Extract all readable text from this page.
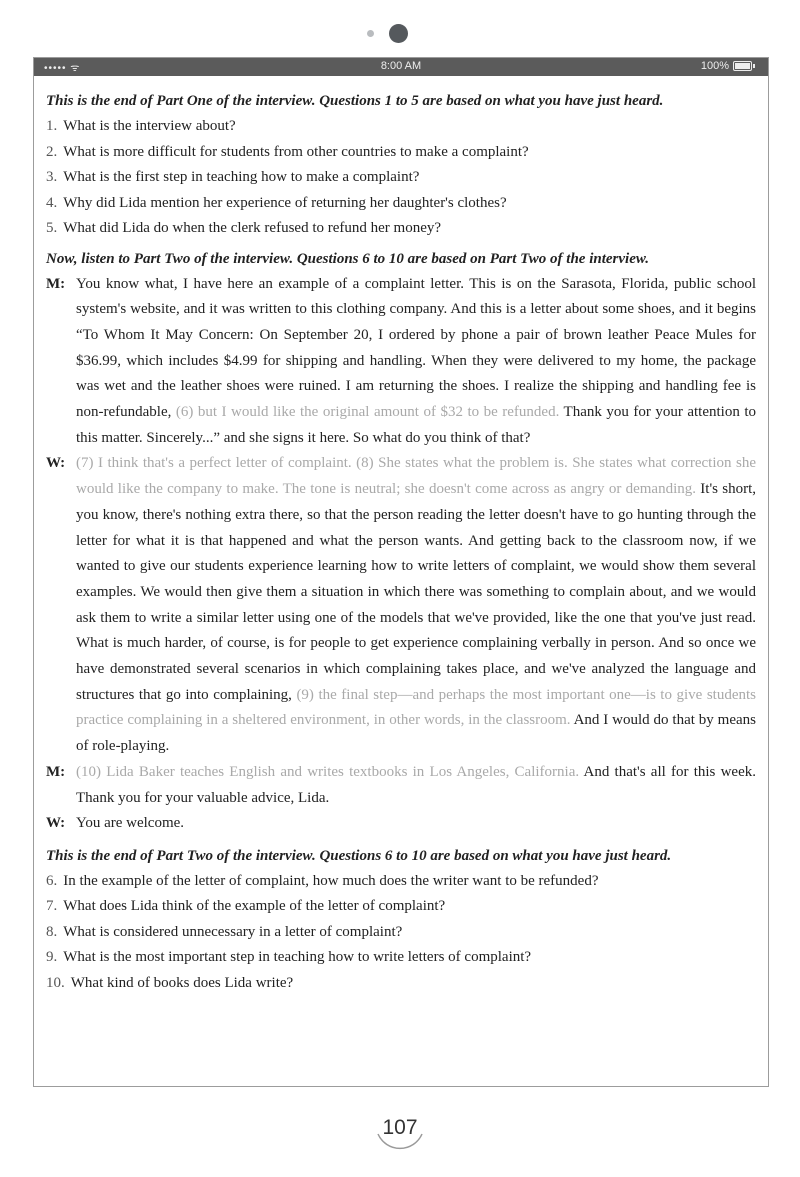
••••• ᯤ	8:00 AM	100%

This is the end of Part One of the interview. Questions 1 to 5 are based on what you have just heard.

1. What is the interview about?

2. What is more difficult for students from other countries to make a complaint?

3. What is the first step in teaching how to make a complaint?

4. Why did Lida mention her experience of returning her daughter's clothes?

5. What did Lida do when the clerk refused to refund her money?

Now, listen to Part Two of the interview. Questions 6 to 10 are based on Part Two of the interview.

M: You know what, I have here an example of a complaint letter. This is on the Sarasota, Florida, public school system's website, and it was written to this clothing company. And this is a letter about some shoes, and it begins “To Whom It May Concern: On September 20, I ordered by phone a pair of brown leather Peace Mules for $36.99, which includes $4.99 for shipping and handling. When they were delivered to my home, the package was wet and the leather shoes were ruined. I am returning the shoes. I realize the shipping and handling fee is non-refundable, (6) but I would like the original amount of $32 to be refunded. Thank you for your attention to this matter. Sincerely...” and she signs it here. So what do you think of that?
W: (7) I think that's a perfect letter of complaint. (8) She states what the problem is. She states what correction she would like the company to make. The tone is neutral; she doesn't come across as angry or demanding. It's short, you know, there's nothing extra there, so that the person reading the letter doesn't have to go hunting through the letter for what it is that happened and what the person wants. And getting back to the classroom now, if we wanted to give our students experience learning how to write letters of complaint, we would show them several examples. We would then give them a situation in which there was something to complain about, and we would ask them to write a similar letter using one of the models that we've provided, like the one that you've just read. What is much harder, of course, is for people to get experience complaining verbally in person. And so once we have demonstrated several scenarios in which complaining takes place, and we've analyzed the language and structures that go into complaining, (9) the final step—and perhaps the most important one—is to give students practice complaining in a sheltered environment, in other words, in the classroom. And I would do that by means of role-playing.
M: (10) Lida Baker teaches English and writes textbooks in Los Angeles, California. And that's all for this week. Thank you for your valuable advice, Lida.
W: You are welcome.

This is the end of Part Two of the interview. Questions 6 to 10 are based on what you have just heard.

6. In the example of the letter of complaint, how much does the writer want to be refunded?

7. What does Lida think of the example of the letter of complaint?

8. What is considered unnecessary in a letter of complaint?

9. What is the most important step in teaching how to write letters of complaint?

10. What kind of books does Lida write?

107
